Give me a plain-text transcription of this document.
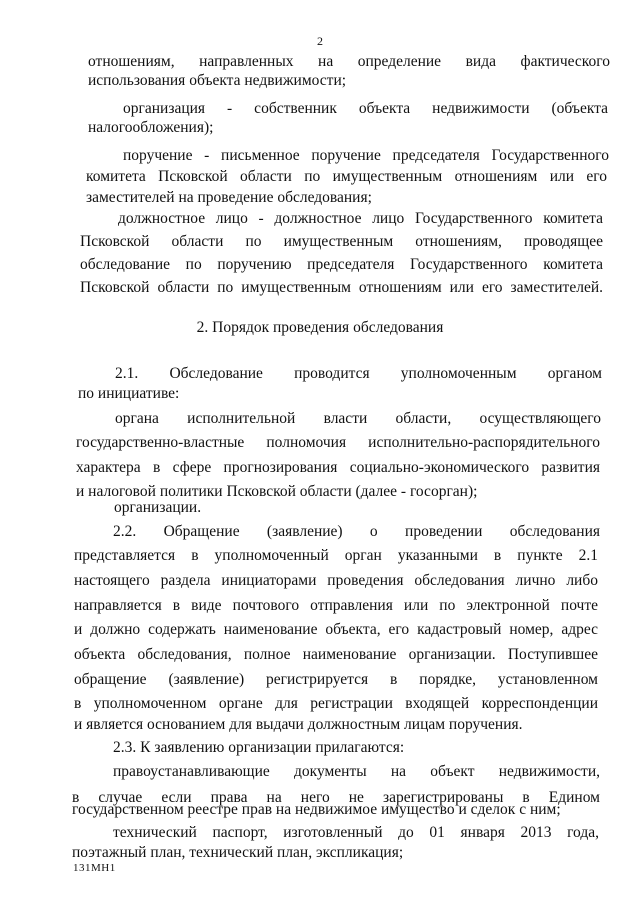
2
отношениям, направленных на определение вида фактического
использования объекта недвижимости;
организация - собственник объекта недвижимости (объекта
налогообложения);
поручение - письменное поручение председателя Государственного
комитета Псковской области по имущественным отношениям или его
заместителей на проведение обследования;
должностное лицо - должностное лицо Государственного комитета
Псковской области по имущественным отношениям, проводящее
обследование по поручению председателя Государственного комитета
Псковской области по имущественным отношениям или его заместителей.
2. Порядок проведения обследования
2.1. Обследование проводится уполномоченным органом
по инициативе:
органа исполнительной власти области, осуществляющего
государственно-властные полномочия исполнительно-распорядительного
характера в сфере прогнозирования социально-экономического развития
и налоговой политики Псковской области (далее - госорган);
организации.
2.2. Обращение (заявление) о проведении обследования
представляется в уполномоченный орган указанными в пункте 2.1
настоящего раздела инициаторами проведения обследования лично либо
направляется в виде почтового отправления или по электронной почте
и должно содержать наименование объекта, его кадастровый номер, адрес
объекта обследования, полное наименование организации. Поступившее
обращение (заявление) регистрируется в порядке, установленном
в уполномоченном органе для регистрации входящей корреспонденции
и является основанием для выдачи должностным лицам поручения.
2.3. К заявлению организации прилагаются:
правоустанавливающие документы на объект недвижимости,
в случае если права на него не зарегистрированы в Едином
государственном реестре прав на недвижимое имущество и сделок с ним;
технический паспорт, изготовленный до 01 января 2013 года,
поэтажный план, технический план, экспликация;
131МН1
